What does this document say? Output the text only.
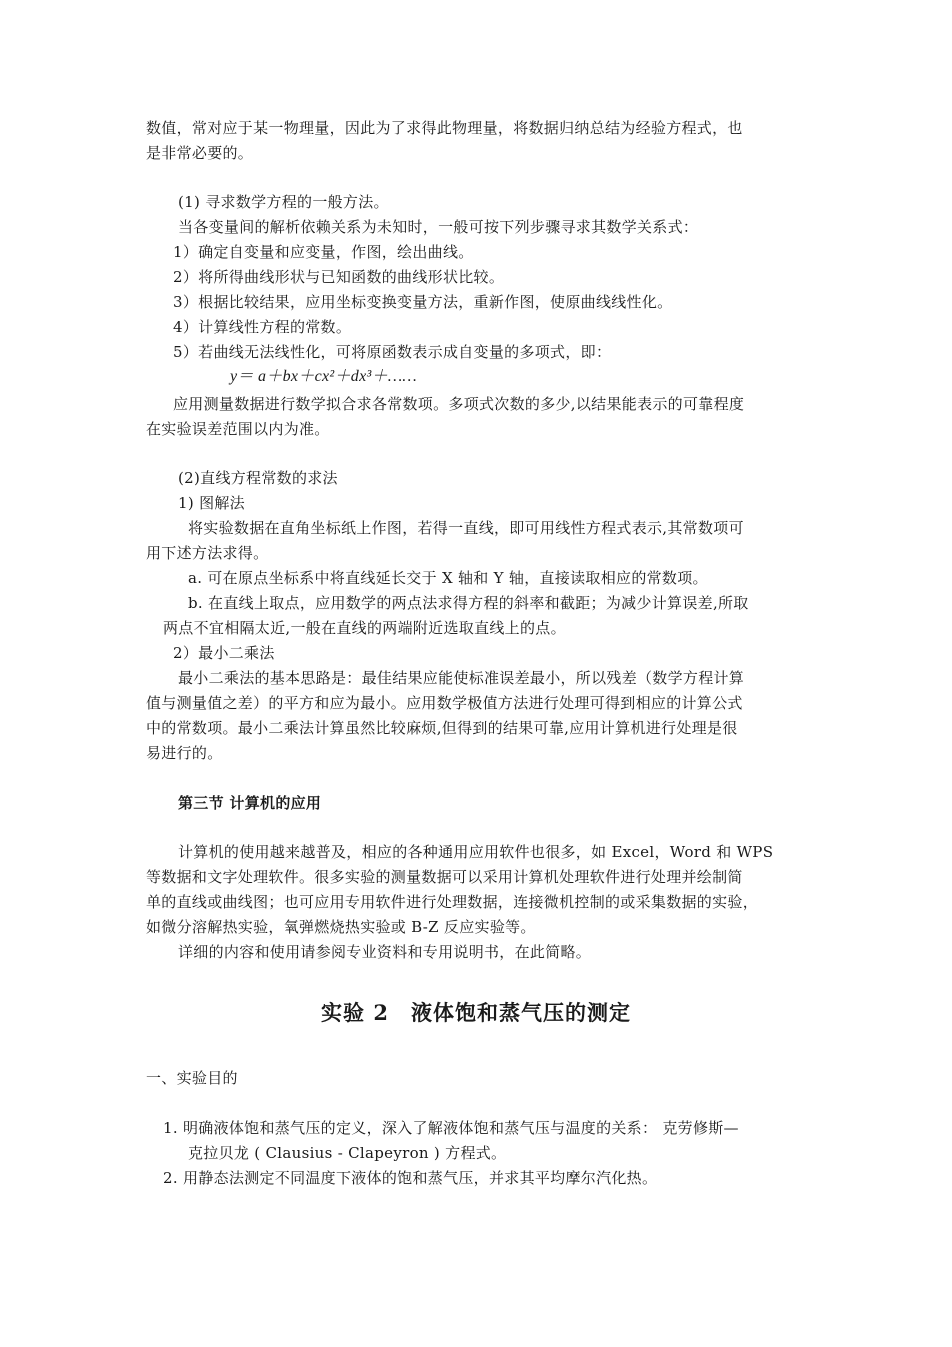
数值，常对应于某一物理量，因此为了求得此物理量，将数据归纳总结为经验方程式，也
是非常必要的。
(1) 寻求数学方程的一般方法。
当各变量间的解析依赖关系为未知时，一般可按下列步骤寻求其数学关系式：
1）确定自变量和应变量，作图，绘出曲线。
2）将所得曲线形状与已知函数的曲线形状比较。
3）根据比较结果，应用坐标变换变量方法，重新作图，使原曲线线性化。
4）计算线性方程的常数。
5）若曲线无法线性化，可将原函数表示成自变量的多项式，即：
y＝ a＋bx＋cx²＋dx³＋……
应用测量数据进行数学拟合求各常数项。多项式次数的多少,以结果能表示的可靠程度
在实验误差范围以内为准。
(2)直线方程常数的求法
1) 图解法
将实验数据在直角坐标纸上作图，若得一直线，即可用线性方程式表示,其常数项可
用下述方法求得。
a. 可在原点坐标系中将直线延长交于 X 轴和 Y 轴，直接读取相应的常数项。
b. 在直线上取点，应用数学的两点法求得方程的斜率和截距；为减少计算误差,所取
两点不宜相隔太近,一般在直线的两端附近选取直线上的点。
2）最小二乘法
最小二乘法的基本思路是：最佳结果应能使标准误差最小，所以残差（数学方程计算
值与测量值之差）的平方和应为最小。应用数学极值方法进行处理可得到相应的计算公式
中的常数项。最小二乘法计算虽然比较麻烦,但得到的结果可靠,应用计算机进行处理是很
易进行的。
第三节 计算机的应用
计算机的使用越来越普及，相应的各种通用应用软件也很多，如 Excel，Word 和 WPS
等数据和文字处理软件。很多实验的测量数据可以采用计算机处理软件进行处理并绘制简
单的直线或曲线图；也可应用专用软件进行处理数据，连接微机控制的或采集数据的实验，
如微分溶解热实验，氧弹燃烧热实验或 B-Z 反应实验等。
详细的内容和使用请参阅专业资料和专用说明书，在此简略。
实验 2　液体饱和蒸气压的测定
一、实验目的
1. 明确液体饱和蒸气压的定义，深入了解液体饱和蒸气压与温度的关系： 克劳修斯—
克拉贝龙 ( Clausius - Clapeyron ) 方程式。
2. 用静态法测定不同温度下液体的饱和蒸气压，并求其平均摩尔汽化热。
